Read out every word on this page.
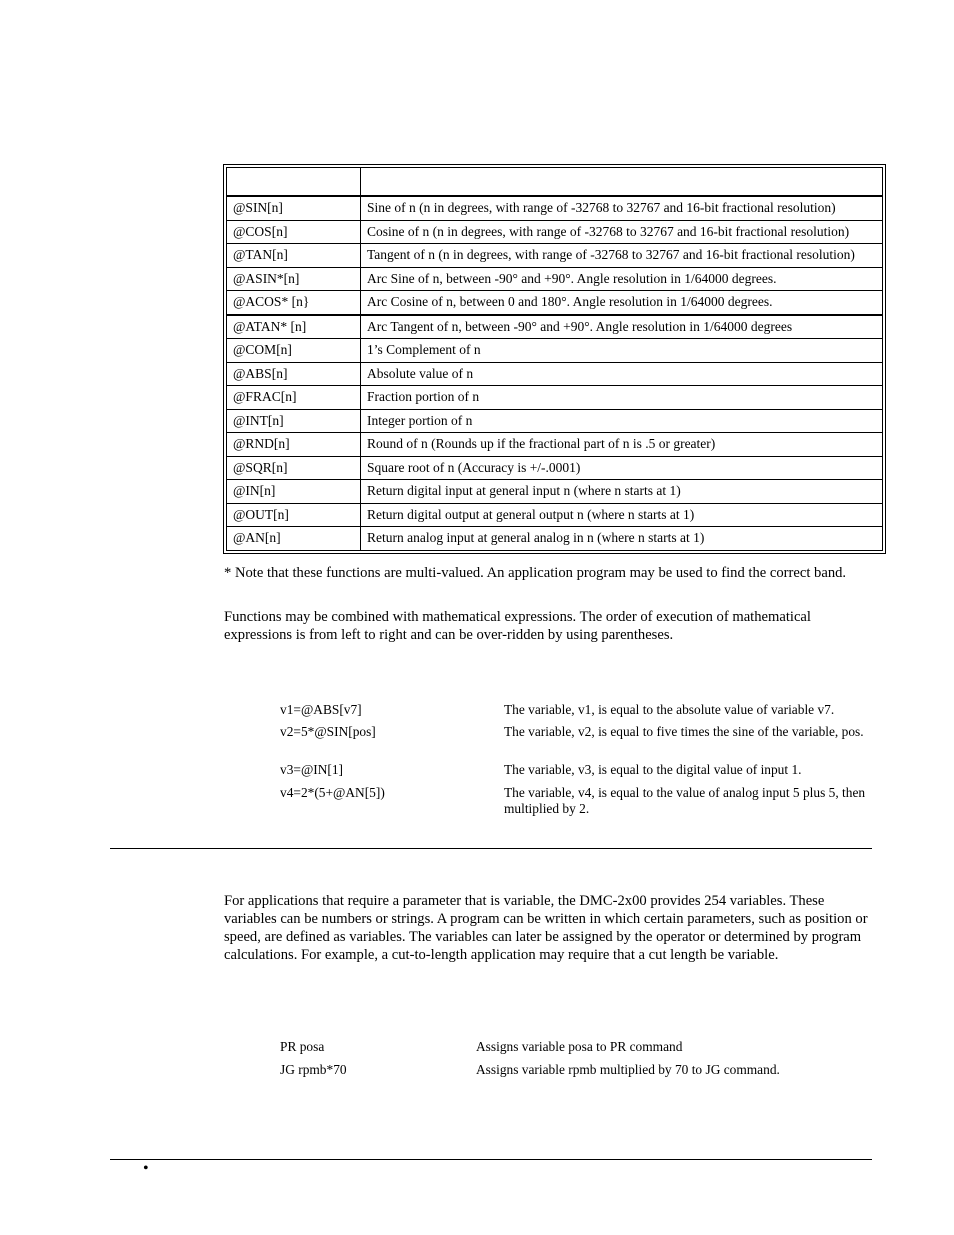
@SIN[n]	Sine of n (n in degrees, with range of -32768 to 32767 and 16-bit fractional resolution)
@COS[n]	Cosine of n (n in degrees, with range of -32768 to 32767 and 16-bit fractional resolution)
@TAN[n]	Tangent of n (n in degrees, with range of -32768 to 32767 and 16-bit fractional resolution)
@ASIN*[n]	Arc Sine of n, between -90° and +90°. Angle resolution in 1/64000 degrees.
@ACOS* [n}	Arc Cosine of n, between 0 and 180°. Angle resolution in 1/64000 degrees.
@ATAN* [n]	Arc Tangent of n, between -90° and +90°. Angle resolution in 1/64000 degrees
@COM[n]	1’s Complement of n
@ABS[n]	Absolute value of n
@FRAC[n]	Fraction portion of n
@INT[n]	Integer portion of n
@RND[n]	Round of n (Rounds up if the fractional part of n is .5 or greater)
@SQR[n]	Square root of n (Accuracy is +/-.0001)
@IN[n]	Return digital input at general input n (where n starts at 1)
@OUT[n]	Return digital output at general output n (where n starts at 1)
@AN[n]	Return analog input at general analog in n (where n starts at 1)

* Note that these functions are multi-valued. An application program may be used to find the correct band.

Functions may be combined with mathematical expressions. The order of execution of mathematical expressions is from left to right and can be over-ridden by using parentheses.

v1=@ABS[v7]	The variable, v1, is equal to the absolute value of variable v7.
v2=5*@SIN[pos]	The variable, v2, is equal to five times the sine of the variable, pos.
v3=@IN[1]	The variable, v3, is equal to the digital value of input 1.
v4=2*(5+@AN[5])	The variable, v4, is equal to the value of analog input 5 plus 5, then multiplied by 2.

For applications that require a parameter that is variable, the DMC-2x00 provides 254 variables. These variables can be numbers or strings. A program can be written in which certain parameters, such as position or speed, are defined as variables. The variables can later be assigned by the operator or determined by program calculations. For example, a cut-to-length application may require that a cut length be variable.

PR posa	Assigns variable posa to PR command
JG rpmb*70	Assigns variable rpmb multiplied by 70 to JG command.
•
